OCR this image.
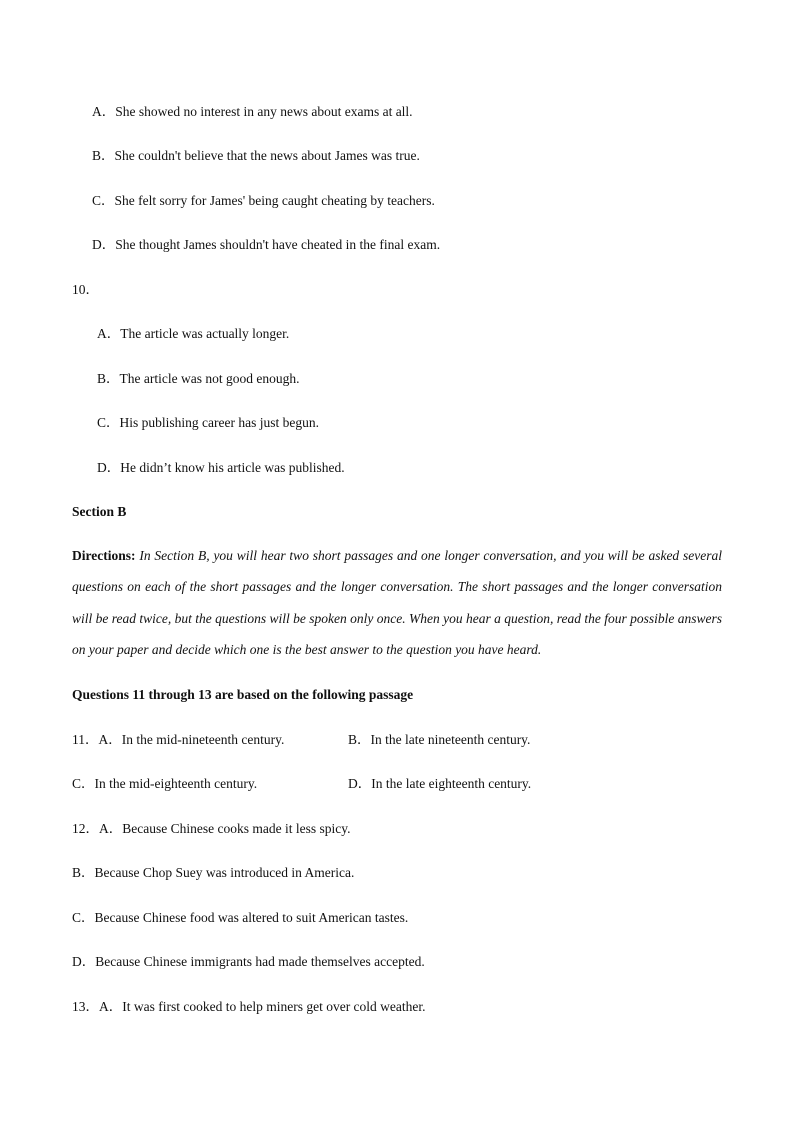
A．She showed no interest in any news about exams at all.
B．She couldn't believe that the news about James was true.
C．She felt sorry for James' being caught cheating by teachers.
D．She thought James shouldn't have cheated in the final exam.
10．
A．The article was actually longer.
B．The article was not good enough.
C．His publishing career has just begun.
D．He didn’t know his article was published.
Section B

Directions: In Section B, you will hear two short passages and one longer conversation, and you will be asked several questions on each of the short passages and the longer conversation. The short passages and the longer conversation will be read twice, but the questions will be spoken only once. When you hear a question, read the four possible answers on your paper and decide which one is the best answer to the question you have heard.

Questions 11 through 13 are based on the following passage
11．A．In the mid-nineteenth century.	B．In the late nineteenth century.
C．In the mid-eighteenth century.	D．In the late eighteenth century.
12．A．Because Chinese cooks made it less spicy.
B．Because Chop Suey was introduced in America.
C．Because Chinese food was altered to suit American tastes.
D．Because Chinese immigrants had made themselves accepted.
13．A．It was first cooked to help miners get over cold weather.
